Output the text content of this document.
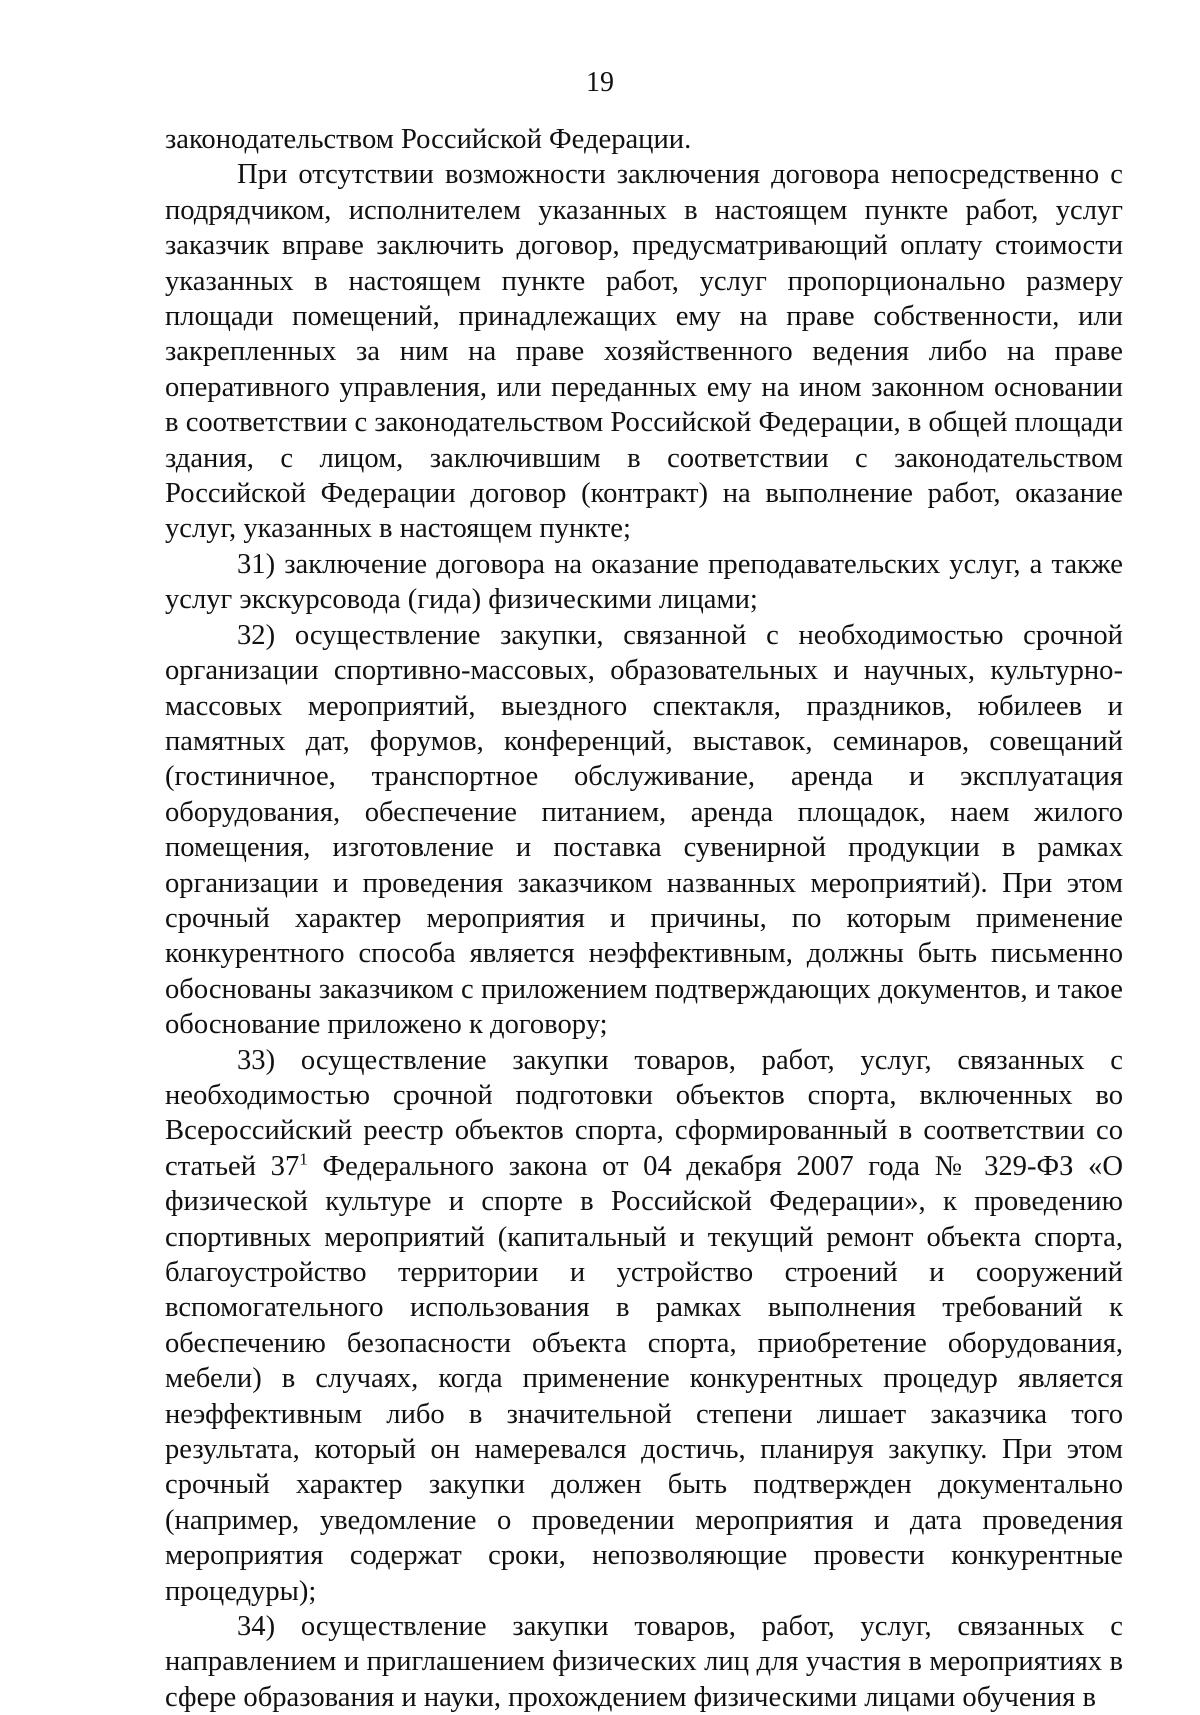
19

законодательством Российской Федерации.

При отсутствии возможности заключения договора непосредственно с подрядчиком, исполнителем указанных в настоящем пункте работ, услуг заказчик вправе заключить договор, предусматривающий оплату стоимости указанных в настоящем пункте работ, услуг пропорционально размеру площади помещений, принадлежащих ему на праве собственности, или закрепленных за ним на праве хозяйственного ведения либо на праве оперативного управления, или переданных ему на ином законном основании в соответствии с законодательством Российской Федерации, в общей площади здания, с лицом, заключившим в соответствии с законодательством Российской Федерации договор (контракт) на выполнение работ, оказание услуг, указанных в настоящем пункте;

31) заключение договора на оказание преподавательских услуг, а также услуг экскурсовода (гида) физическими лицами;

32) осуществление закупки, связанной с необходимостью срочной организации спортивно-массовых, образовательных и научных, культурно-массовых мероприятий, выездного спектакля, праздников, юбилеев и памятных дат, форумов, конференций, выставок, семинаров, совещаний (гостиничное, транспортное обслуживание, аренда и эксплуатация оборудования, обеспечение питанием, аренда площадок, наем жилого помещения, изготовление и поставка сувенирной продукции в рамках организации и проведения заказчиком названных мероприятий). При этом срочный характер мероприятия и причины, по которым применение конкурентного способа является неэффективным, должны быть письменно обоснованы заказчиком с приложением подтверждающих документов, и такое обоснование приложено к договору;

33) осуществление закупки товаров, работ, услуг, связанных с необходимостью срочной подготовки объектов спорта, включенных во Всероссийский реестр объектов спорта, сформированный в соответствии со статьей $37^1$ Федерального закона от 04 декабря 2007 года № 329-ФЗ «О физической культуре и спорте в Российской Федерации», к проведению спортивных мероприятий (капитальный и текущий ремонт объекта спорта, благоустройство территории и устройство строений и сооружений вспомогательного использования в рамках выполнения требований к обеспечению безопасности объекта спорта, приобретение оборудования, мебели) в случаях, когда применение конкурентных процедур является неэффективным либо в значительной степени лишает заказчика того результата, который он намеревался достичь, планируя закупку. При этом срочный характер закупки должен быть подтвержден документально (например, уведомление о проведении мероприятия и дата проведения мероприятия содержат сроки, непозволяющие провести конкурентные процедуры);

34) осуществление закупки товаров, работ, услуг, связанных с направлением и приглашением физических лиц для участия в мероприятиях в сфере образования и науки, прохождением физическими лицами обучения в
